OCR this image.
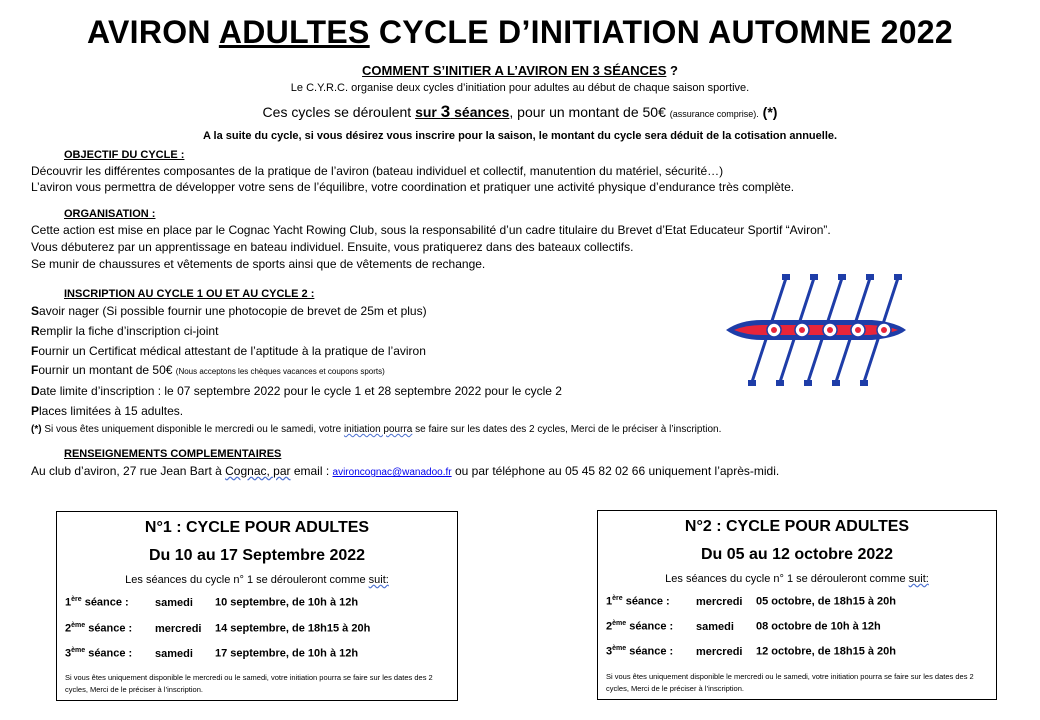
AVIRON ADULTES CYCLE D’INITIATION AUTOMNE 2022
COMMENT S’INITIER A L’AVIRON EN 3 SÉANCES ?
Le C.Y.R.C. organise deux cycles d’initiation pour adultes au début de chaque saison sportive.
Ces cycles se déroulent sur 3 séances, pour un montant de 50€ (assurance comprise). (*)
A la suite du cycle, si vous désirez vous inscrire pour la saison, le montant du cycle sera déduit de la cotisation annuelle.
OBJECTIF DU CYCLE :
Découvrir les différentes composantes de la pratique de l’aviron (bateau individuel et collectif, manutention du matériel, sécurité…)
L’aviron vous permettra de développer votre sens de l’équilibre, votre coordination et pratiquer une activité physique d’endurance très complète.
ORGANISATION :
Cette action est mise en place par le Cognac Yacht Rowing Club, sous la responsabilité d’un cadre titulaire du Brevet d’Etat Educateur Sportif “Aviron”.
Vous débuterez par un apprentissage en bateau individuel. Ensuite, vous pratiquerez dans des bateaux collectifs.
Se munir de chaussures et vêtements de sports ainsi que de vêtements de rechange.
INSCRIPTION AU CYCLE 1 OU ET AU CYCLE 2 :
Savoir nager (Si possible fournir une photocopie de brevet de 25m et plus)
Remplir la fiche d’inscription ci-joint
Fournir un Certificat médical attestant de l’aptitude à la pratique de l’aviron
Fournir un montant de 50€ (Nous acceptons les chèques vacances et coupons sports)
Date limite d’inscription : le 07 septembre 2022 pour le cycle 1 et 28 septembre 2022 pour le cycle 2
Places limitées à 15 adultes.
(*) Si vous êtes uniquement disponible le mercredi ou le samedi, votre initiation pourra se faire sur les dates des 2 cycles, Merci de le préciser à l’inscription.
RENSEIGNEMENTS COMPLEMENTAIRES
Au club d’aviron, 27 rue Jean Bart à Cognac, par email : avironcognac@wanadoo.fr ou par téléphone au 05 45 82 02 66 uniquement l’après-midi.
N°1 : CYCLE POUR ADULTES
Du 10 au 17 Septembre 2022
Les séances du cycle n° 1 se dérouleront comme suit:
1ère séance : samedi 10 septembre, de 10h à 12h
2ème séance : mercredi 14 septembre, de 18h15 à 20h
3ème séance : samedi 17 septembre, de 10h à 12h
Si vous êtes uniquement disponible le mercredi ou le samedi, votre initiation pourra se faire sur les dates des 2 cycles, Merci de le préciser à l’inscription.
N°2 : CYCLE POUR ADULTES
Du 05 au 12 octobre 2022
Les séances du cycle n° 1 se dérouleront comme suit:
1ère séance : mercredi 05 octobre, de 18h15 à 20h
2ème séance : samedi 08 octobre de 10h à 12h
3ème séance : mercredi 12 octobre, de 18h15 à 20h
Si vous êtes uniquement disponible le mercredi ou le samedi, votre initiation pourra se faire sur les dates des 2 cycles, Merci de le préciser à l’inscription.
